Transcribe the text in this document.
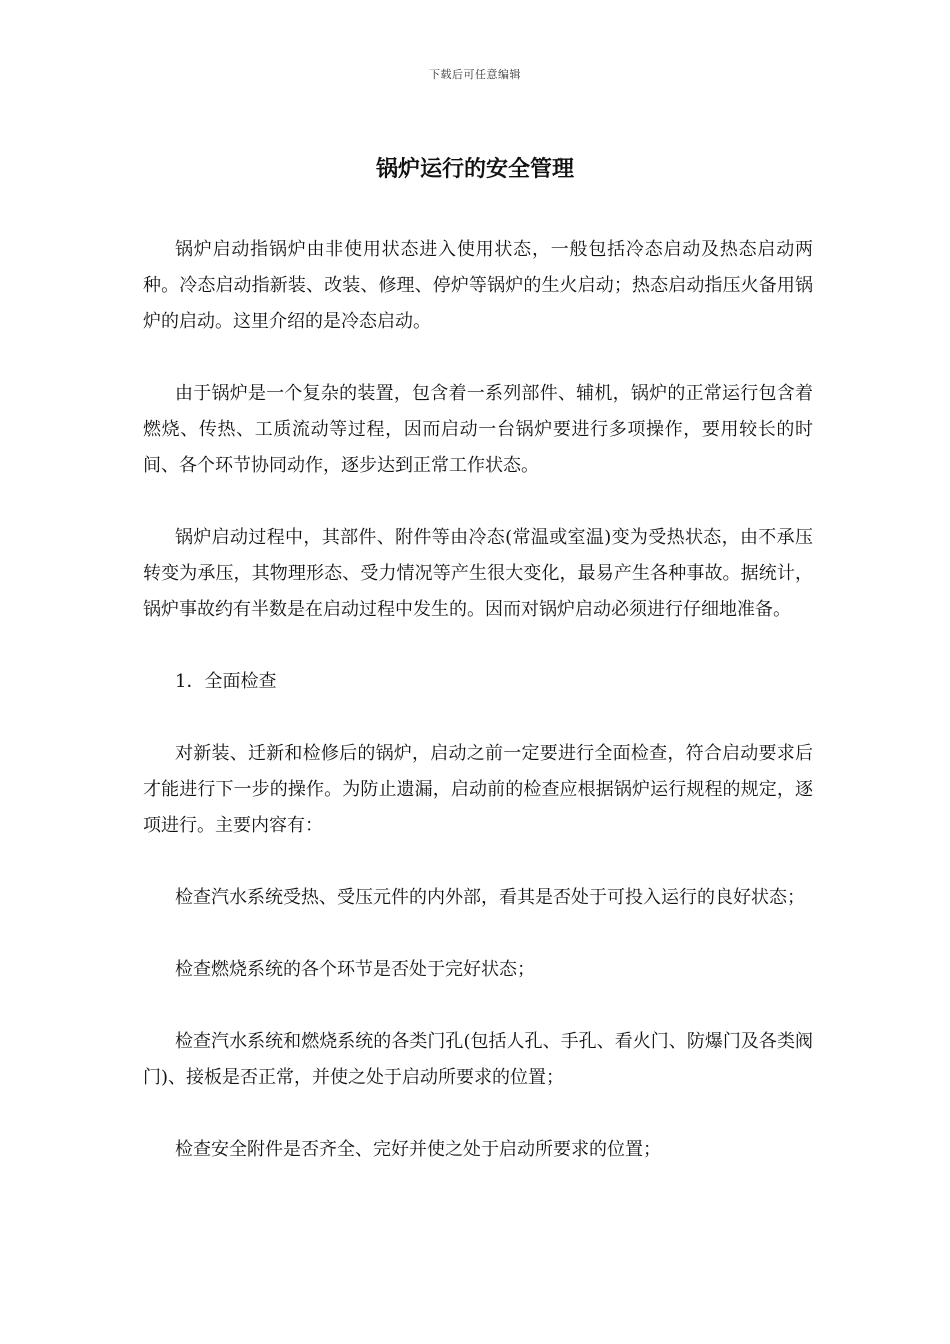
下载后可任意编辑
锅炉运行的安全管理

锅炉启动指锅炉由非使用状态进入使用状态，一般包括冷态启动及热态启动两种。冷态启动指新装、改装、修理、停炉等锅炉的生火启动；热态启动指压火备用锅炉的启动。这里介绍的是冷态启动。

由于锅炉是一个复杂的装置，包含着一系列部件、辅机，锅炉的正常运行包含着燃烧、传热、工质流动等过程，因而启动一台锅炉要进行多项操作，要用较长的时间、各个环节协同动作，逐步达到正常工作状态。

锅炉启动过程中，其部件、附件等由冷态(常温或室温)变为受热状态，由不承压转变为承压，其物理形态、受力情况等产生很大变化，最易产生各种事故。据统计，锅炉事故约有半数是在启动过程中发生的。因而对锅炉启动必须进行仔细地准备。

1．全面检查

对新装、迁新和检修后的锅炉，启动之前一定要进行全面检查，符合启动要求后才能进行下一步的操作。为防止遗漏，启动前的检查应根据锅炉运行规程的规定，逐项进行。主要内容有：

检查汽水系统受热、受压元件的内外部，看其是否处于可投入运行的良好状态；

检查燃烧系统的各个环节是否处于完好状态；

检查汽水系统和燃烧系统的各类门孔(包括人孔、手孔、看火门、防爆门及各类阀门)、接板是否正常，并使之处于启动所要求的位置；

检查安全附件是否齐全、完好并使之处于启动所要求的位置；
